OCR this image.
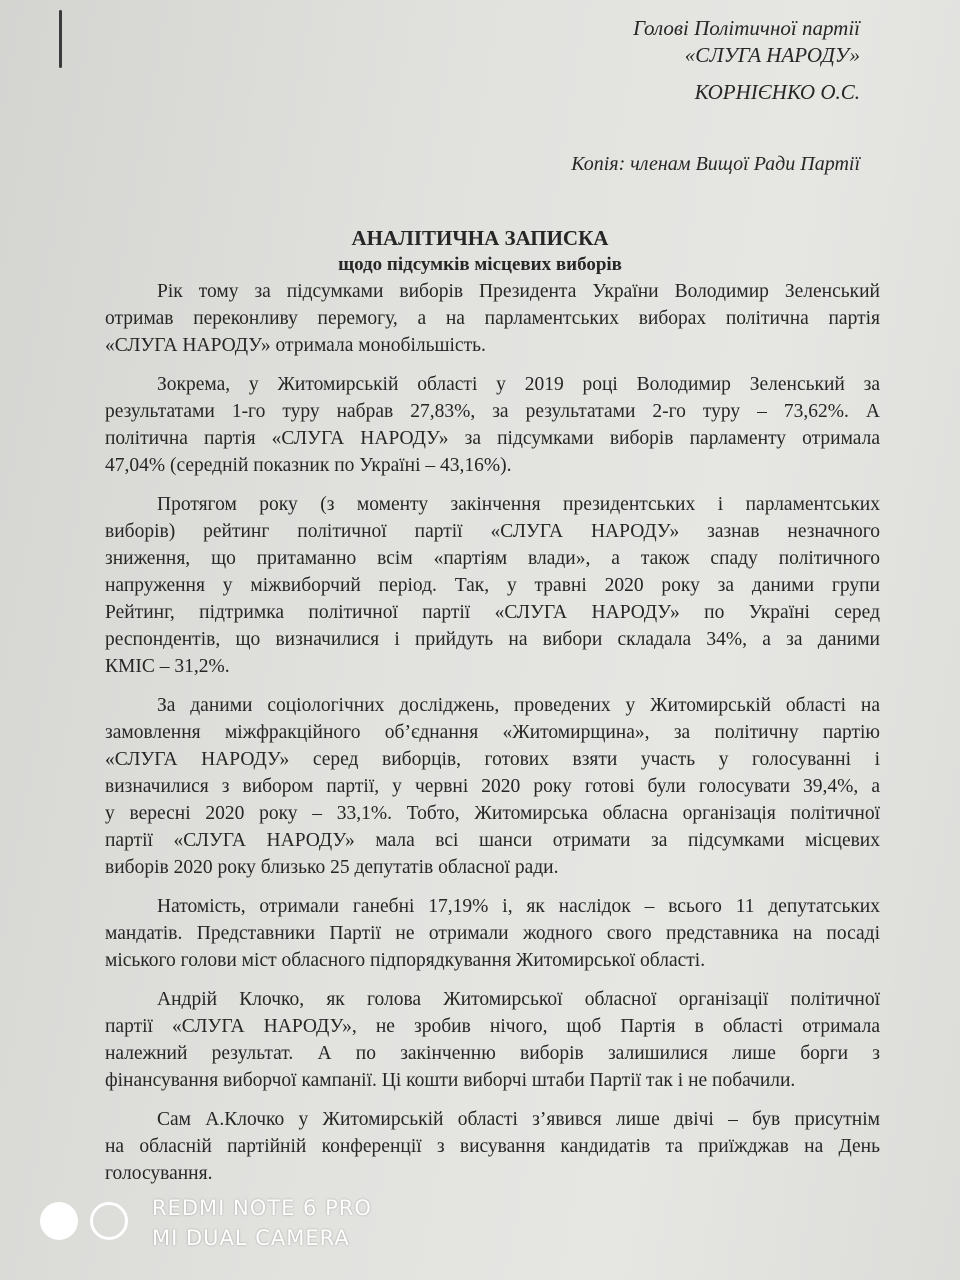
Голові Політичної партії
«СЛУГА НАРОДУ»
КОРНІЄНКО О.С.
Копія: членам Вищої Ради Партії
АНАЛІТИЧНА ЗАПИСКА
щодо підсумків місцевих виборів
Рік тому за підсумками виборів Президента України Володимир Зеленський
отримав переконливу перемогу, а на парламентських виборах політична партія
«СЛУГА НАРОДУ» отримала монобільшість.
Зокрема, у Житомирській області у 2019 році Володимир Зеленський за
результатами 1-го туру набрав 27,83%, за результатами 2-го туру – 73,62%. А
політична партія «СЛУГА НАРОДУ» за підсумками виборів парламенту отримала
47,04% (середній показник по Україні – 43,16%).
Протягом року (з моменту закінчення президентських і парламентських
виборів) рейтинг політичної партії «СЛУГА НАРОДУ» зазнав незначного
зниження, що притаманно всім «партіям влади», а також спаду політичного
напруження у міжвиборчий період. Так, у травні 2020 року за даними групи
Рейтинг, підтримка політичної партії «СЛУГА НАРОДУ» по Україні серед
респондентів, що визначилися і прийдуть на вибори складала 34%, а за даними
КМІС – 31,2%.
За даними соціологічних досліджень, проведених у Житомирській області на
замовлення міжфракційного об’єднання «Житомирщина», за політичну партію
«СЛУГА НАРОДУ» серед виборців, готових взяти участь у голосуванні і
визначилися з вибором партії, у червні 2020 року готові були голосувати 39,4%, а
у вересні 2020 року – 33,1%. Тобто, Житомирська обласна організація політичної
партії «СЛУГА НАРОДУ» мала всі шанси отримати за підсумками місцевих
виборів 2020 року близько 25 депутатів обласної ради.
Натомість, отримали ганебні 17,19% і, як наслідок – всього 11 депутатських
мандатів. Представники Партії не отримали жодного свого представника на посаді
міського голови міст обласного підпорядкування Житомирської області.
Андрій Клочко, як голова Житомирської обласної організації політичної
партії «СЛУГА НАРОДУ», не зробив нічого, щоб Партія в області отримала
належний результат. А по закінченню виборів залишилися лише борги з
фінансування виборчої кампанії. Ці кошти виборчі штаби Партії так і не побачили.
Сам А.Клочко у Житомирській області з’явився лише двічі – був присутнім
на обласній партійній конференції з висування кандидатів та приїжджав на День
голосування.
REDMI NOTE 6 PRO
MI DUAL CAMERA
